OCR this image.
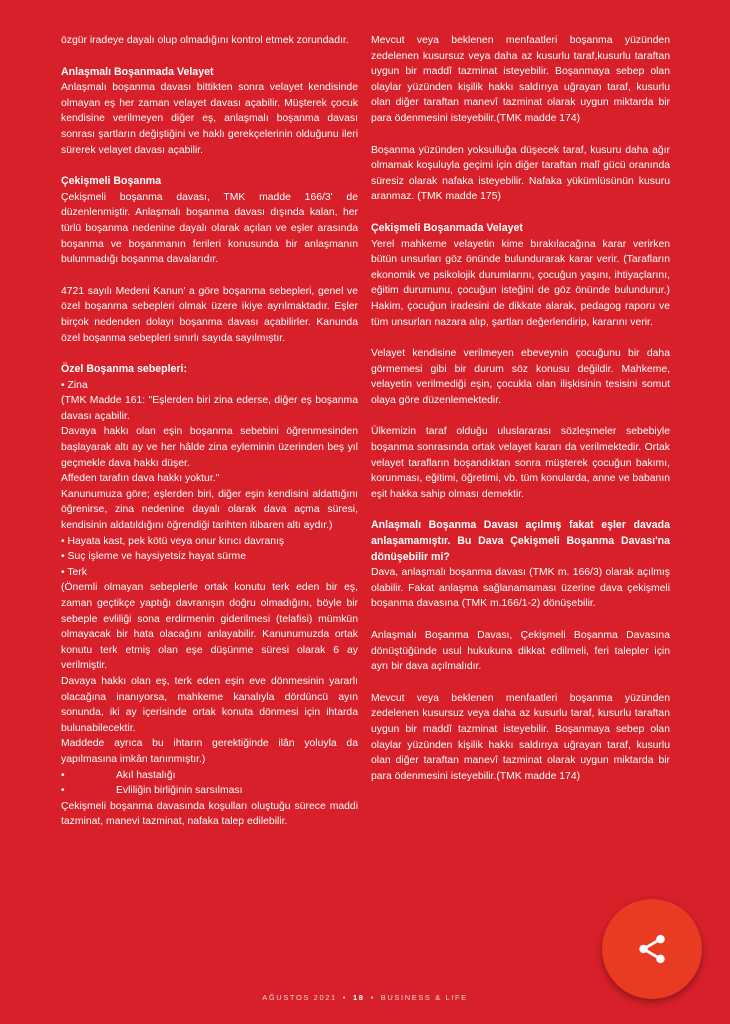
özgür iradeye dayalı olup olmadığını kontrol etmek zorundadır.

Anlaşmalı Boşanmada Velayet

Anlaşmalı boşanma davası bittikten sonra velayet kendisinde olmayan eş her zaman velayet davası açabilir. Müşterek çocuk kendisine verilmeyen diğer eş, anlaşmalı boşanma davası sonrası şartların değiştiğini ve haklı gerekçelerinin olduğunu ileri sürerek velayet davası açabilir.

Çekişmeli Boşanma

Çekişmeli boşanma davası, TMK madde 166/3' de düzenlenmiştir. Anlaşmalı boşanma davası dışında kalan, her türlü boşanma nedenine dayalı olarak açılan ve eşler arasında boşanma ve boşanmanın ferileri konusunda bir anlaşmanın bulunmadığı boşanma davalarıdır.

4721 sayılı Medeni Kanun' a göre boşanma sebepleri, genel ve özel boşanma sebepleri olmak üzere ikiye ayrılmaktadır. Eşler birçok nedenden dolayı boşanma davası açabilirler. Kanunda özel boşanma sebepleri sınırlı sayıda sayılmıştır.

Özel Boşanma sebepleri:
• Zina
(TMK Madde 161: "Eşlerden biri zina ederse, diğer eş boşanma davası açabilir.
Davaya hakkı olan eşin boşanma sebebini öğrenmesinden başlayarak altı ay ve her hâlde zina eyleminin üzerinden beş yıl geçmekle dava hakkı düşer.
Affeden tarafın dava hakkı yoktur."
Kanunumuza göre; eşlerden biri, diğer eşin kendisini aldattığını öğrenirse, zina nedenine dayalı olarak dava açma süresi, kendisinin aldatıldığını öğrendiği tarihten itibaren altı aydır.)
• Hayata kast, pek kötü veya onur kırıcı davranış
• Suç işleme ve haysiyetsiz hayat sürme
• Terk
(Önemli olmayan sebeplerle ortak konutu terk eden bir eş, zaman geçtikçe yaptığı davranışın doğru olmadığını, böyle bir sebeple evliliği sona erdirmenin giderilmesi (telafisi) mümkün olmayacak bir hata olacağını anlayabilir. Kanunumuzda ortak konutu terk etmiş olan eşe düşünme süresi olarak 6 ay verilmiştir.
Davaya hakkı olan eş, terk eden eşin eve dönmesinin yararlı olacağına inanıyorsa, mahkeme kanalıyla dördüncü ayın sonunda, iki ay içerisinde ortak konuta dönmesi için ihtarda bulunabilecektir.
Maddede ayrıca bu ihtarın gerektiğinde ilân yoluyla da yapılmasına imkân tanınmıştır.)
•	Akıl hastalığı
•	Evliliğin birliğinin sarsılması
Çekişmeli boşanma davasında koşulları oluştuğu sürece maddi tazminat, manevi tazminat, nafaka talep edilebilir.

Mevcut veya beklenen menfaatleri boşanma yüzünden zedelenen kusursuz veya daha az kusurlu taraf,kusurlu taraftan uygun bir maddî tazminat isteyebilir. Boşanmaya sebep olan olaylar yüzünden kişilik hakkı saldırıya uğrayan taraf, kusurlu olan diğer taraftan manevî tazminat olarak uygun miktarda bir para ödenmesini isteyebilir.(TMK madde 174)

Boşanma yüzünden yoksulluğa düşecek taraf, kusuru daha ağır olmamak koşuluyla geçimi için diğer taraftan malî gücü oranında süresiz olarak nafaka isteyebilir. Nafaka yükümlüsünün kusuru aranmaz. (TMK madde 175)

Çekişmeli Boşanmada Velayet

Yerel mahkeme velayetin kime bırakılacağına karar verirken bütün unsurları göz önünde bulundurarak karar verir. (Tarafların ekonomik ve psikolojik durumlarını, çocuğun yaşını, ihtiyaçlarını, eğitim durumunu, çocuğun isteğini de göz önünde bulundurur.) Hakim, çocuğun iradesini de dikkate alarak, pedagog raporu ve tüm unsurları nazara alıp, şartları değerlendirip, kararını verir.

Velayet kendisine verilmeyen ebeveynin çocuğunu bir daha görmemesi gibi bir durum söz konusu değildir. Mahkeme, velayetin verilmediği eşin, çocukla olan ilişkisinin tesisini somut olaya göre düzenlemektedir.

Ülkemizin taraf olduğu uluslararası sözleşmeler sebebiyle boşanma sonrasında ortak velayet kararı da verilmektedir. Ortak velayet tarafların boşandıktan sonra müşterek çocuğun bakımı, korunması, eğitimi, öğretimi, vb. tüm konularda, anne ve babanın eşit hakka sahip olması demektir.

Anlaşmalı Boşanma Davası açılmış fakat eşler davada anlaşamamıştır. Bu Dava Çekişmeli Boşanma Davası'na dönüşebilir mi?

Dava, anlaşmalı boşanma davası (TMK m. 166/3) olarak açılmış olabilir. Fakat anlaşma sağlanamaması üzerine dava çekişmeli boşanma davasına (TMK m.166/1-2) dönüşebilir.

Anlaşmalı Boşanma Davası, Çekişmeli Boşanma Davasına dönüştüğünde usul hukukuna dikkat edilmeli, feri talepler için ayrı bir dava açılmalıdır.

Mevcut veya beklenen menfaatleri boşanma yüzünden zedelenen kusursuz veya daha az kusurlu taraf, kusurlu taraftan uygun bir maddî tazminat isteyebilir. Boşanmaya sebep olan olaylar yüzünden kişilik hakkı saldırıya uğrayan taraf, kusurlu olan diğer taraftan manevî tazminat olarak uygun miktarda bir para ödenmesini isteyebilir.(TMK madde 174)

AĞUSTOS 2021 • 18 • BUSINESS & LIFE
